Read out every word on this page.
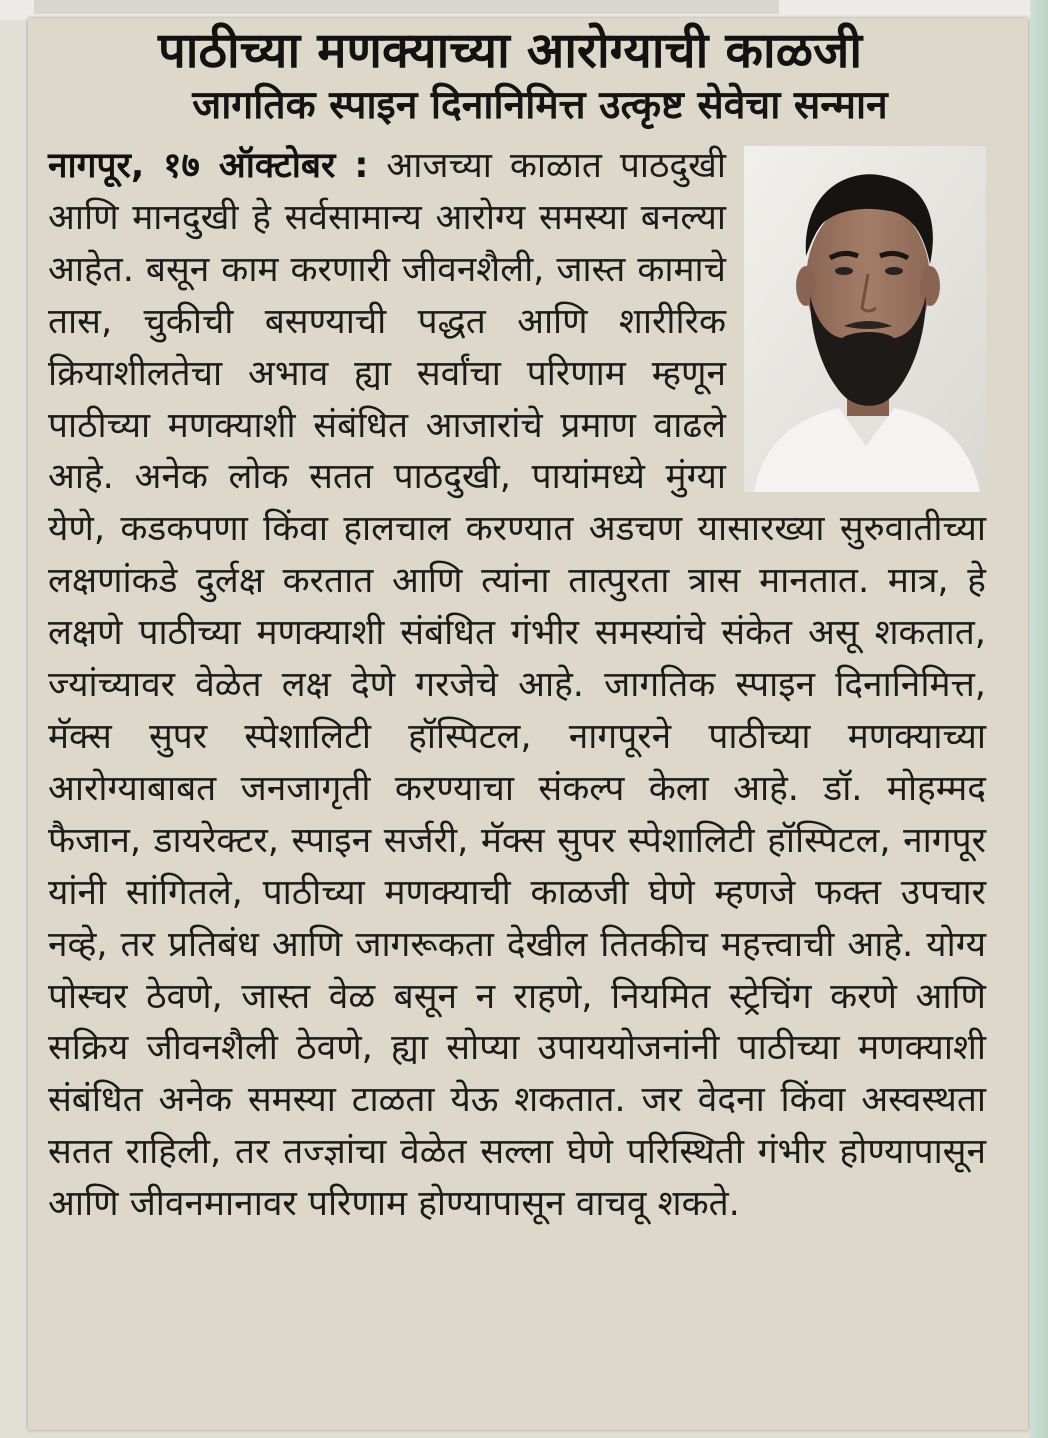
पाठीच्या मणक्याच्या आरोग्याची काळजी
जागतिक स्पाइन दिनानिमित्त उत्कृष्ट सेवेचा सन्मान

नागपूर, १७ ऑक्टोबर : आजच्या काळात पाठदुखी आणि मानदुखी हे सर्वसामान्य आरोग्य समस्या बनल्या आहेत. बसून काम करणारी जीवनशैली, जास्त कामाचे तास, चुकीची बसण्याची पद्धत आणि शारीरिक क्रियाशीलतेचा अभाव ह्या सर्वांचा परिणाम म्हणून पाठीच्या मणक्याशी संबंधित आजारांचे प्रमाण वाढले आहे. अनेक लोक सतत पाठदुखी, पायांमध्ये मुंग्या येणे, कडकपणा किंवा हालचाल करण्यात अडचण यासारख्या सुरुवातीच्या लक्षणांकडे दुर्लक्ष करतात आणि त्यांना तात्पुरता त्रास मानतात. मात्र, हे लक्षणे पाठीच्या मणक्याशी संबंधित गंभीर समस्यांचे संकेत असू शकतात, ज्यांच्यावर वेळेत लक्ष देणे गरजेचे आहे. जागतिक स्पाइन दिनानिमित्त, मॅक्स सुपर स्पेशालिटी हॉस्पिटल, नागपूरने पाठीच्या मणक्याच्या आरोग्याबाबत जनजागृती करण्याचा संकल्प केला आहे. डॉ. मोहम्मद फैजान, डायरेक्टर, स्पाइन सर्जरी, मॅक्स सुपर स्पेशालिटी हॉस्पिटल, नागपूर यांनी सांगितले, पाठीच्या मणक्याची काळजी घेणे म्हणजे फक्त उपचार नव्हे, तर प्रतिबंध आणि जागरूकता देखील तितकीच महत्त्वाची आहे. योग्य पोस्चर ठेवणे, जास्त वेळ बसून न राहणे, नियमित स्ट्रेचिंग करणे आणि सक्रिय जीवनशैली ठेवणे, ह्या सोप्या उपाययोजनांनी पाठीच्या मणक्याशी संबंधित अनेक समस्या टाळता येऊ शकतात. जर वेदना किंवा अस्वस्थता सतत राहिली, तर तज्ज्ञांचा वेळेत सल्ला घेणे परिस्थिती गंभीर होण्यापासून आणि जीवनमानावर परिणाम होण्यापासून वाचवू शकते.
